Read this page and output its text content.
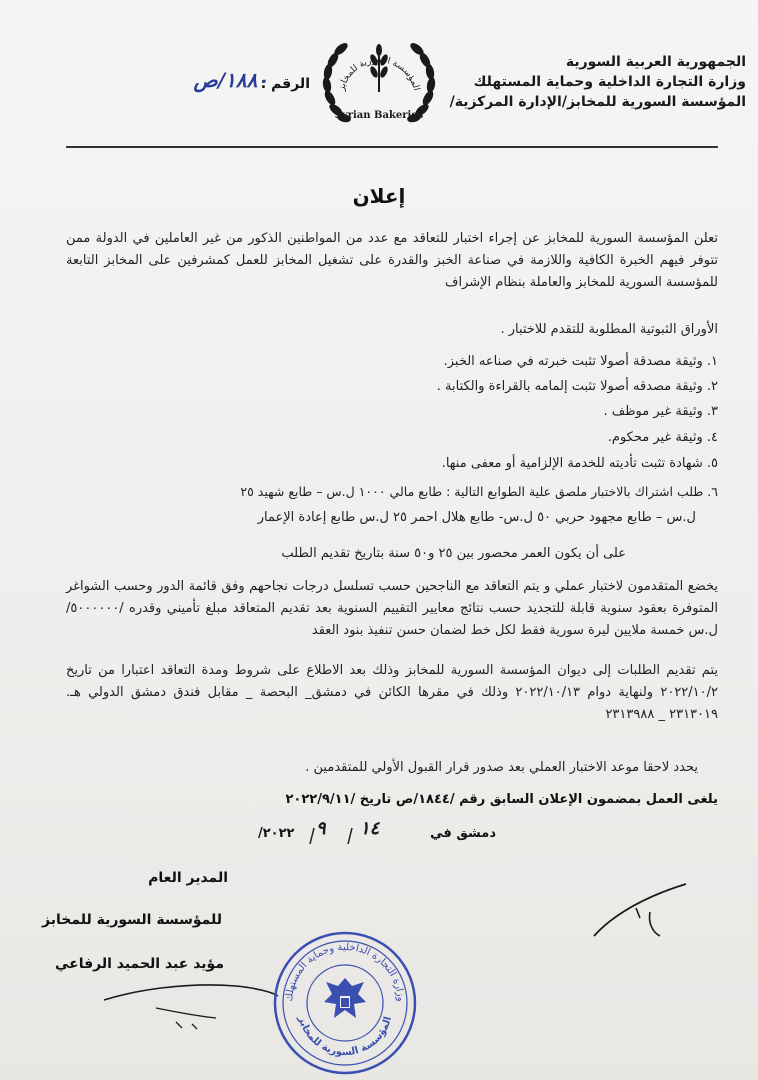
الجمهورية العربية السورية
وزارة التجارة الداخلية وحماية المستهلك
المؤسسة السورية للمخابز/الإدارة المركزية/
المؤسسة السورية للمخابز
Syrian Bakeries
الرقم :
١٨٨٠/ص
إعلان
تعلن المؤسسة السورية للمخابز عن إجراء اختبار للتعاقد مع عدد من المواطنين الذكور من غير العاملين في الدولة ممن تتوفر فيهم الخبرة الكافية واللازمة في صناعة الخبز والقدرة على تشغيل المخابز للعمل كمشرفين على المخابز التابعة للمؤسسة السورية للمخابز والعاملة بنظام الإشراف
الأوراق الثبوتية المطلوبة للتقدم للاختبار .
١. وثيقة مصدقة أصولا تثبت خبرته في صناعه الخبز.
٢. وثيقة مصدقه أصولا تثبت إلمامه بالقراءة والكتابة .
٣. وثيقة غير موظف .
٤. وثيقة غير محكوم.
٥. شهادة تثبت تأديته للخدمة الإلزامية أو معفى منها.
٦. طلب اشتراك بالاختبار ملصق علية الطوابع التالية : طابع مالي ١٠٠٠ ل.س – طابع شهيد ٢٥
ل.س – طابع مجهود حربي ٥٠ ل.س- طابع هلال احمر ٢٥ ل.س طابع إعادة الإعمار
على أن يكون العمر محصور بين ٢٥ و٥٠ سنة بتاريخ تقديم الطلب
يخضع المتقدمون لاختبار عملي و يتم التعاقد مع الناجحين حسب تسلسل درجات نجاحهم وفق قائمة الدور وحسب الشواغر المتوفرة بعقود سنوية قابلة للتجديد حسب نتائج معايير التقييم السنوية بعد تقديم المتعاقد مبلغ تأميني وقدره /٥٠٠٠٠٠٠/ ل.س خمسة ملايين ليرة سورية فقط لكل خط لضمان حسن تنفيذ بنود العقد
يتم تقديم الطلبات إلى ديوان المؤسسة السورية للمخابز وذلك بعد الاطلاع على شروط ومدة التعاقد اعتبارا من تاريخ ٢٠٢٢/١٠/٢ ولنهاية دوام ٢٠٢٢/١٠/١٣ وذلك في مقرها الكائن في دمشق_ البحصة _ مقابل فندق دمشق الدولي هـ. ٢٣١٣٠١٩ _ ٢٣١٣٩٨٨
يحدد لاحقا موعد الاختبار العملي بعد صدور قرار القبول الأولي للمتقدمين .
يلغى العمل بمضمون الإعلان السابق رقم /١٨٤٤/ص تاريخ /٢٠٢٢/٩/١١
دمشق في
١٤
٩
٢٠٢٢/
المدير العام
للمؤسسة السورية للمخابز
مؤيد عبد الحميد الرفاعي
وزارة التجارة الداخلية وحماية المستهلك
المؤسسة السورية للمخابز
